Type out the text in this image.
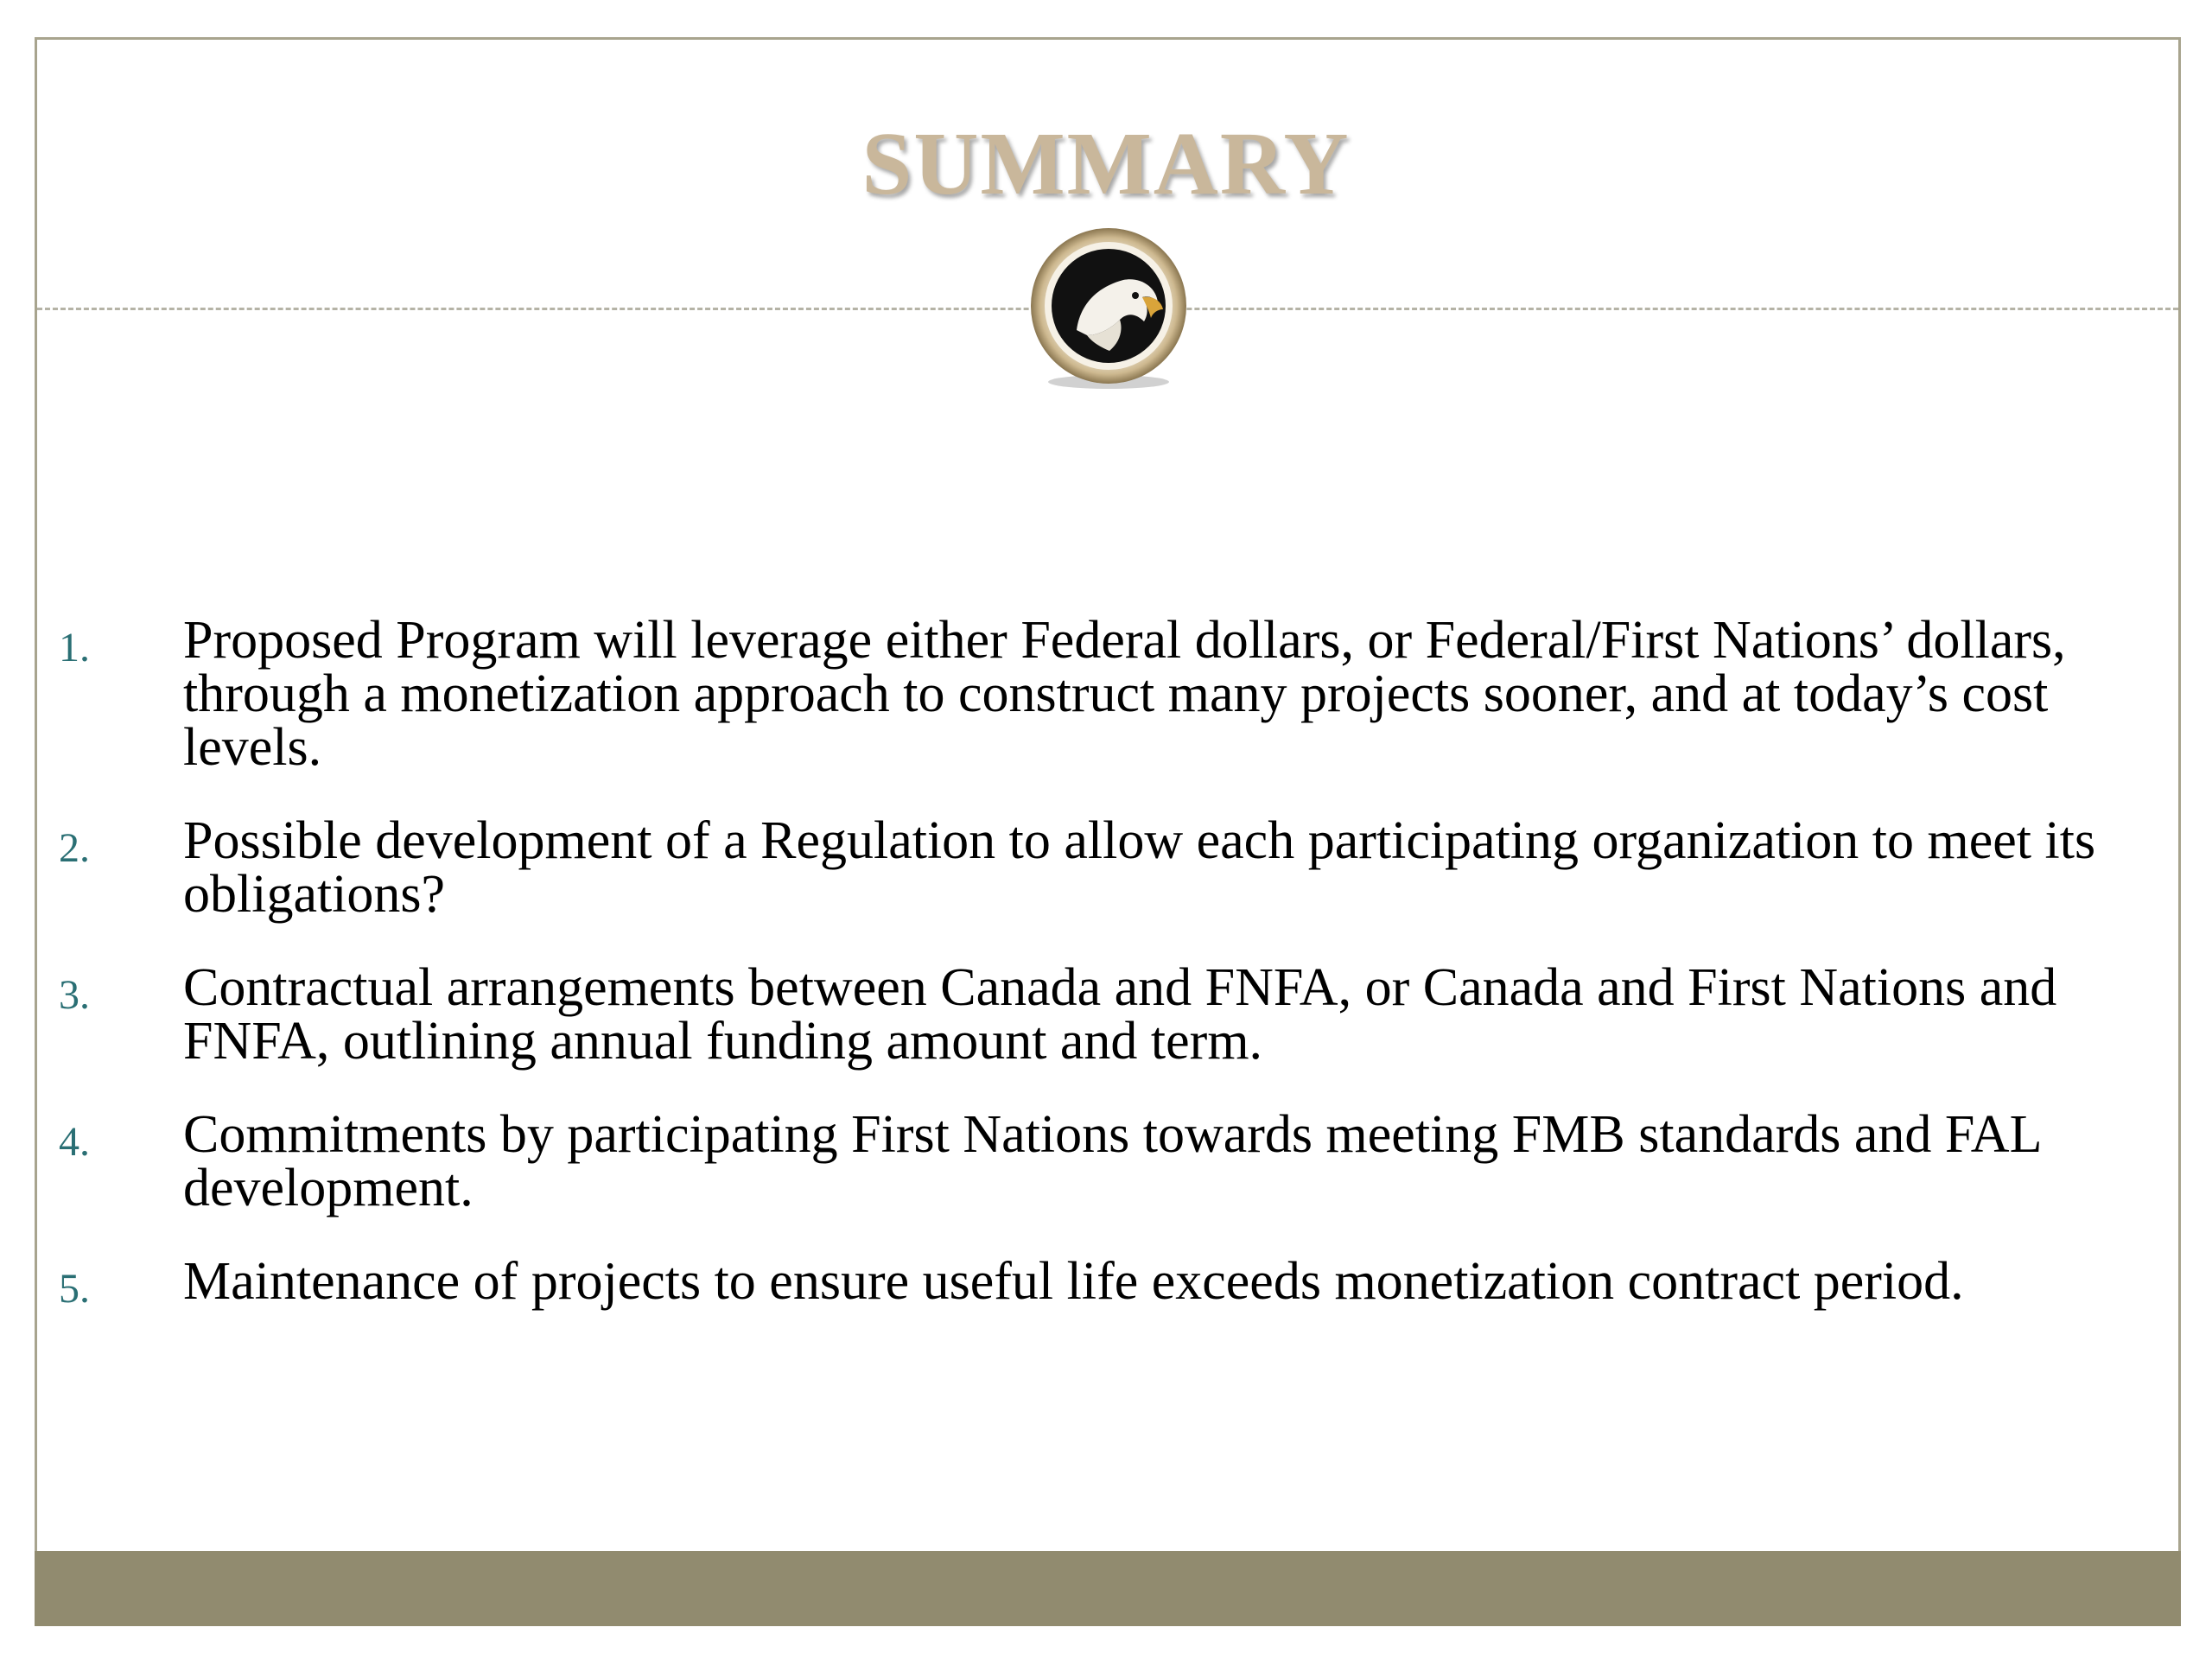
SUMMARY
1. Proposed Program will leverage either Federal dollars, or Federal/First Nations’ dollars, through a monetization approach to construct many projects sooner, and at today’s cost levels.
2. Possible development of a Regulation to allow each participating organization to meet its obligations?
3. Contractual arrangements between Canada and FNFA, or Canada and First Nations and FNFA, outlining annual funding amount and term.
4. Commitments by participating First Nations towards meeting FMB standards and FAL development.
5. Maintenance of projects to ensure useful life exceeds monetization contract period.
